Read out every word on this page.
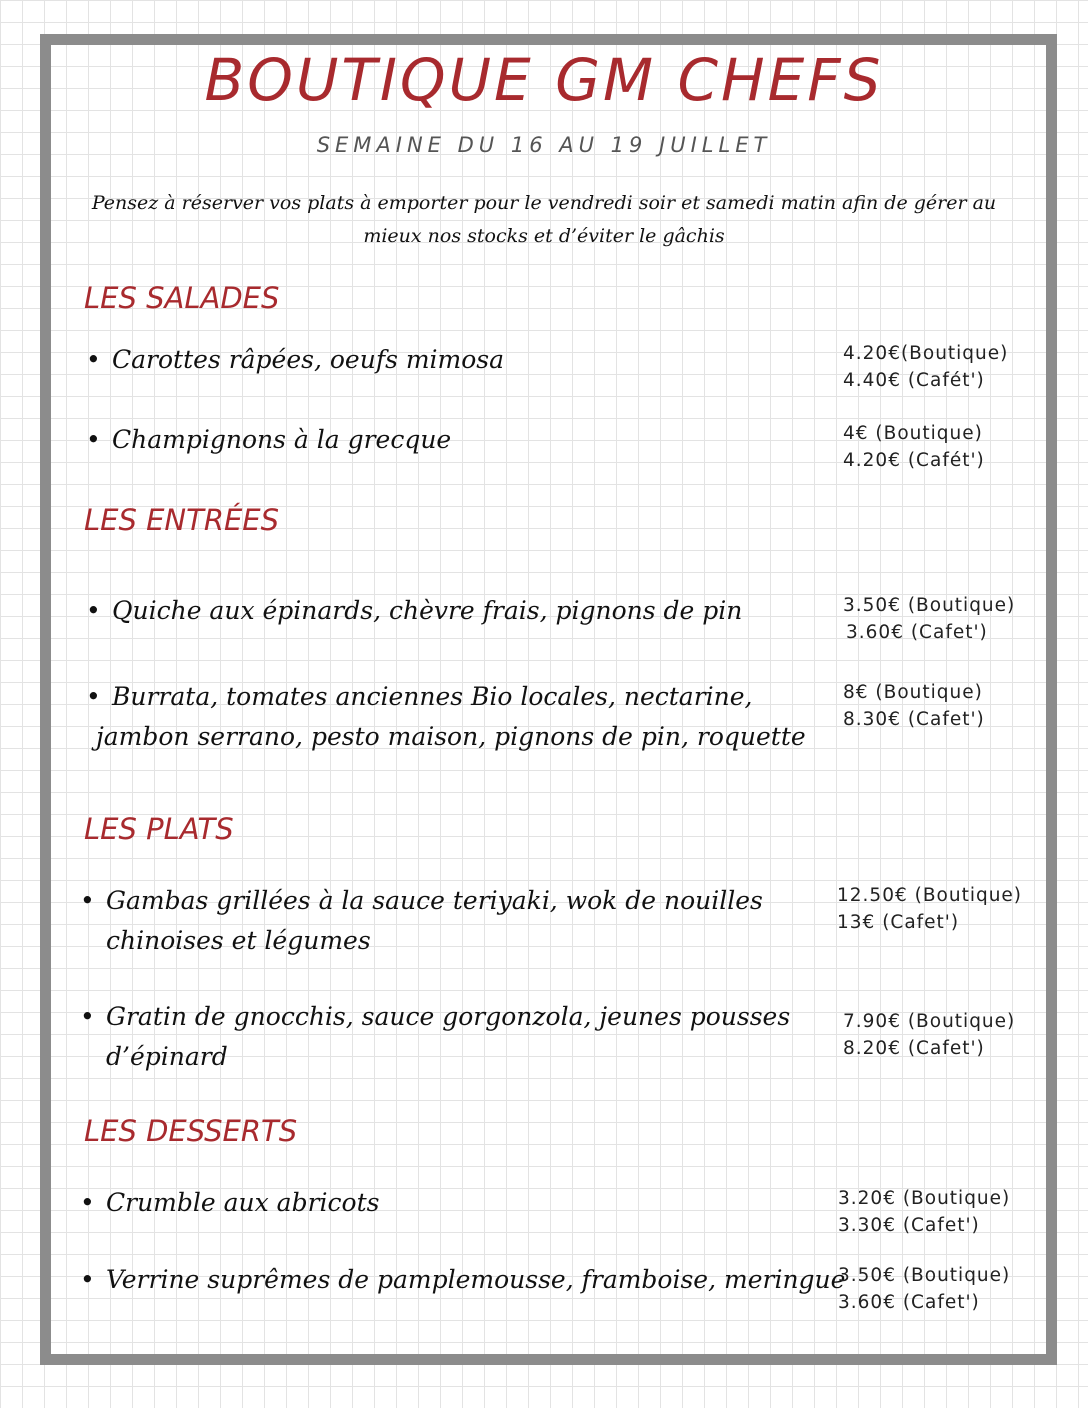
BOUTIQUE GM CHEFS
SEMAINE DU 16 AU 19 JUILLET
Pensez à réserver vos plats à emporter pour le vendredi soir et samedi matin afin de gérer au mieux nos stocks et d’éviter le gâchis
LES SALADES
• Carottes râpées, oeufs mimosa	4.20€(Boutique)
4.40€ (Cafét')
• Champignons à la grecque	4€ (Boutique)
4.20€ (Cafét')
LES ENTRÉES
• Quiche aux épinards, chèvre frais, pignons de pin	3.50€ (Boutique)
3.60€ (Cafet')
• Burrata, tomates anciennes Bio locales, nectarine,
jambon serrano, pesto maison, pignons de pin, roquette
8€ (Boutique)
8.30€ (Cafet')
LES PLATS
• Gambas grillées à la sauce teriyaki, wok de nouilles
chinoises et légumes
12.50€ (Boutique)
13€ (Cafet')
• Gratin de gnocchis, sauce gorgonzola, jeunes pousses
d’épinard
7.90€ (Boutique)
8.20€ (Cafet')
LES DESSERTS
• Crumble aux abricots	3.20€ (Boutique)
3.30€ (Cafet')
• Verrine suprêmes de pamplemousse, framboise, meringue
3.50€ (Boutique)
3.60€ (Cafet')
